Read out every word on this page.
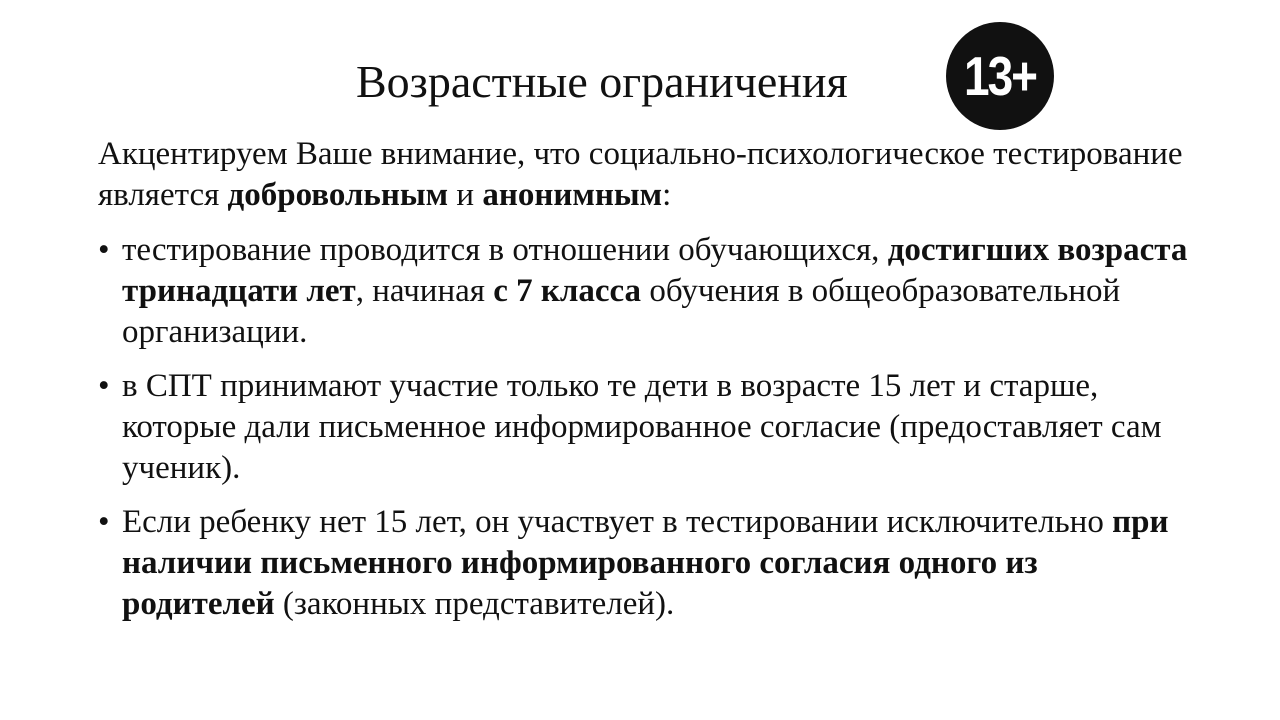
Возрастные ограничения	13+

Акцентируем Ваше внимание, что социально-психологическое тестирование является добровольным и анонимным:

• тестирование проводится в отношении обучающихся, достигших возраста тринадцати лет, начиная с 7 класса обучения в общеобразовательной организации.
• в СПТ принимают участие только те дети в возрасте 15 лет и старше, которые дали письменное информированное согласие (предоставляет сам ученик).
• Если ребенку нет 15 лет, он участвует в тестировании исключительно при наличии письменного информированного согласия одного из родителей (законных представителей).
